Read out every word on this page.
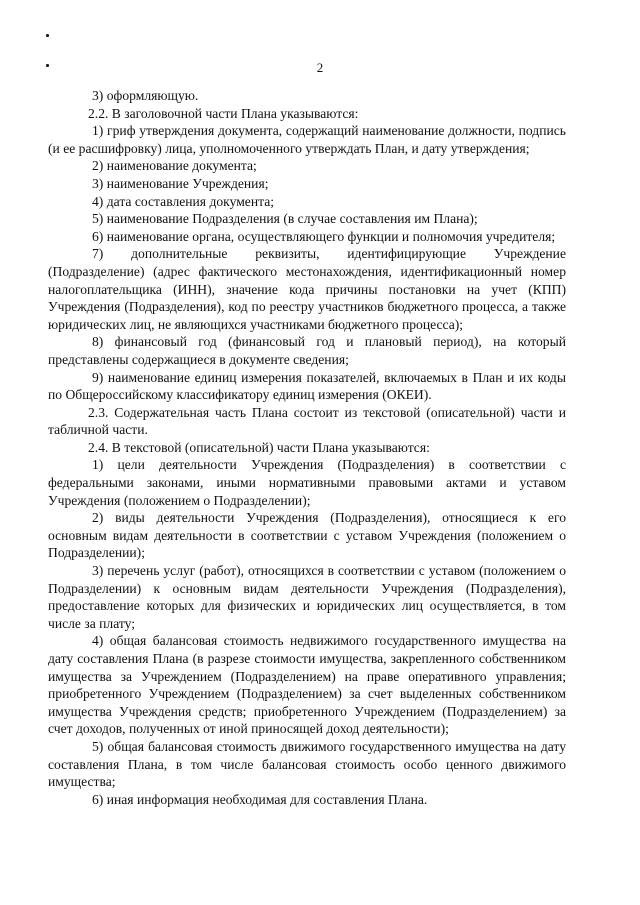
2

3) оформляющую.

2.2. В заголовочной части Плана указываются:

1) гриф утверждения документа, содержащий наименование должности, подпись (и ее расшифровку) лица, уполномоченного утверждать План, и дату утверждения;

2) наименование документа;

3) наименование Учреждения;

4) дата составления документа;

5) наименование Подразделения (в случае составления им Плана);

6) наименование органа, осуществляющего функции и полномочия учредителя;

7) дополнительные реквизиты, идентифицирующие Учреждение (Подразделение) (адрес фактического местонахождения, идентификационный номер налогоплательщика (ИНН), значение кода причины постановки на учет (КПП) Учреждения (Подразделения), код по реестру участников бюджетного процесса, а также юридических лиц, не являющихся участниками бюджетного процесса);

8) финансовый год (финансовый год и плановый период), на который представлены содержащиеся в документе сведения;

9) наименование единиц измерения показателей, включаемых в План и их коды по Общероссийскому классификатору единиц измерения (ОКЕИ).

2.3. Содержательная часть Плана состоит из текстовой (описательной) части и табличной части.

2.4. В текстовой (описательной) части Плана указываются:

1) цели деятельности Учреждения (Подразделения) в соответствии с федеральными законами, иными нормативными правовыми актами и уставом Учреждения (положением о Подразделении);

2) виды деятельности Учреждения (Подразделения), относящиеся к его основным видам деятельности в соответствии с уставом Учреждения (положением о Подразделении);

3) перечень услуг (работ), относящихся в соответствии с уставом (положением о Подразделении) к основным видам деятельности Учреждения (Подразделения), предоставление которых для физических и юридических лиц осуществляется, в том числе за плату;

4) общая балансовая стоимость недвижимого государственного имущества на дату составления Плана (в разрезе стоимости имущества, закрепленного собственником имущества за Учреждением (Подразделением) на праве оперативного управления; приобретенного Учреждением (Подразделением) за счет выделенных собственником имущества Учреждения средств; приобретенного Учреждением (Подразделением) за счет доходов, полученных от иной приносящей доход деятельности);

5) общая балансовая стоимость движимого государственного имущества на дату составления Плана, в том числе балансовая стоимость особо ценного движимого имущества;

6) иная информация необходимая для составления Плана.
